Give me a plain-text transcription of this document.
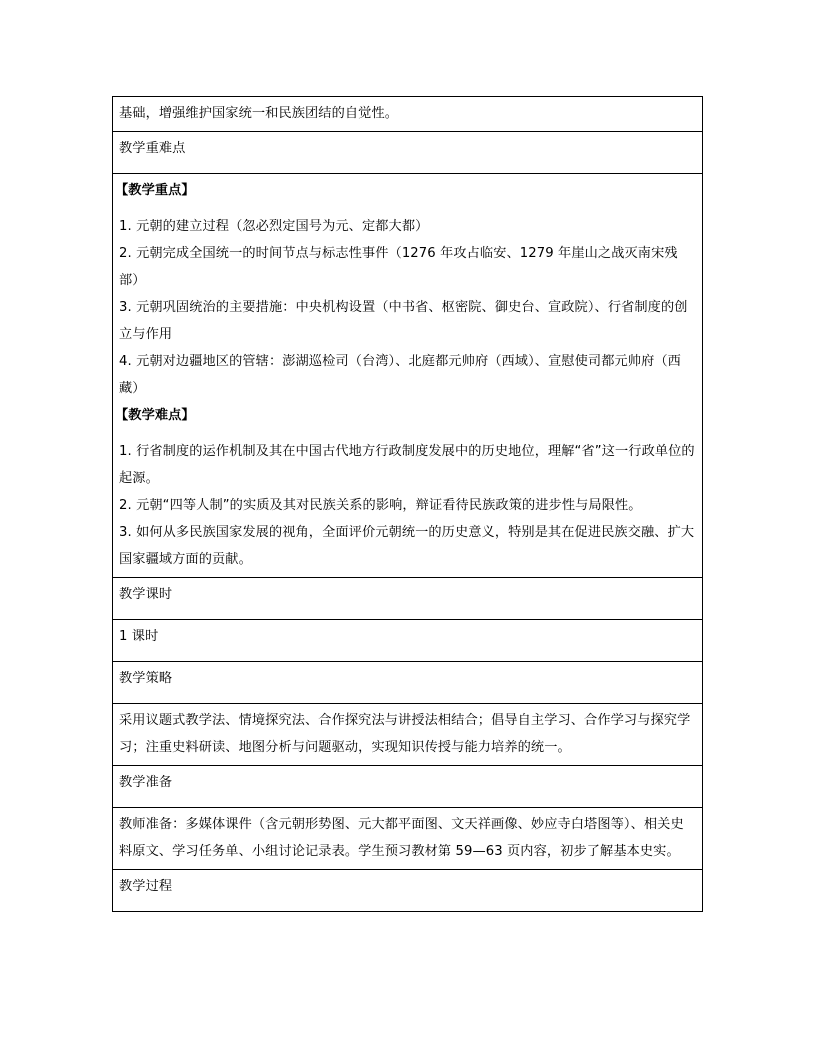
基础，增强维护国家统一和民族团结的自觉性。
教学重难点

【教学重点】
1. 元朝的建立过程（忽必烈定国号为元、定都大都）
2. 元朝完成全国统一的时间节点与标志性事件（1276 年攻占临安、1279 年崖山之战灭南宋残部）
3. 元朝巩固统治的主要措施：中央机构设置（中书省、枢密院、御史台、宣政院）、行省制度的创立与作用
4. 元朝对边疆地区的管辖：澎湖巡检司（台湾）、北庭都元帅府（西域）、宣慰使司都元帅府（西藏）
【教学难点】
1. 行省制度的运作机制及其在中国古代地方行政制度发展中的历史地位，理解“省”这一行政单位的起源。
2. 元朝“四等人制”的实质及其对民族关系的影响，辩证看待民族政策的进步性与局限性。
3. 如何从多民族国家发展的视角，全面评价元朝统一的历史意义，特别是其在促进民族交融、扩大国家疆域方面的贡献。

教学课时
1 课时
教学策略
采用议题式教学法、情境探究法、合作探究法与讲授法相结合；倡导自主学习、合作学习与探究学习；注重史料研读、地图分析与问题驱动，实现知识传授与能力培养的统一。
教学准备
教师准备：多媒体课件（含元朝形势图、元大都平面图、文天祥画像、妙应寺白塔图等）、相关史料原文、学习任务单、小组讨论记录表。学生预习教材第 59—63 页内容，初步了解基本史实。
教学过程
